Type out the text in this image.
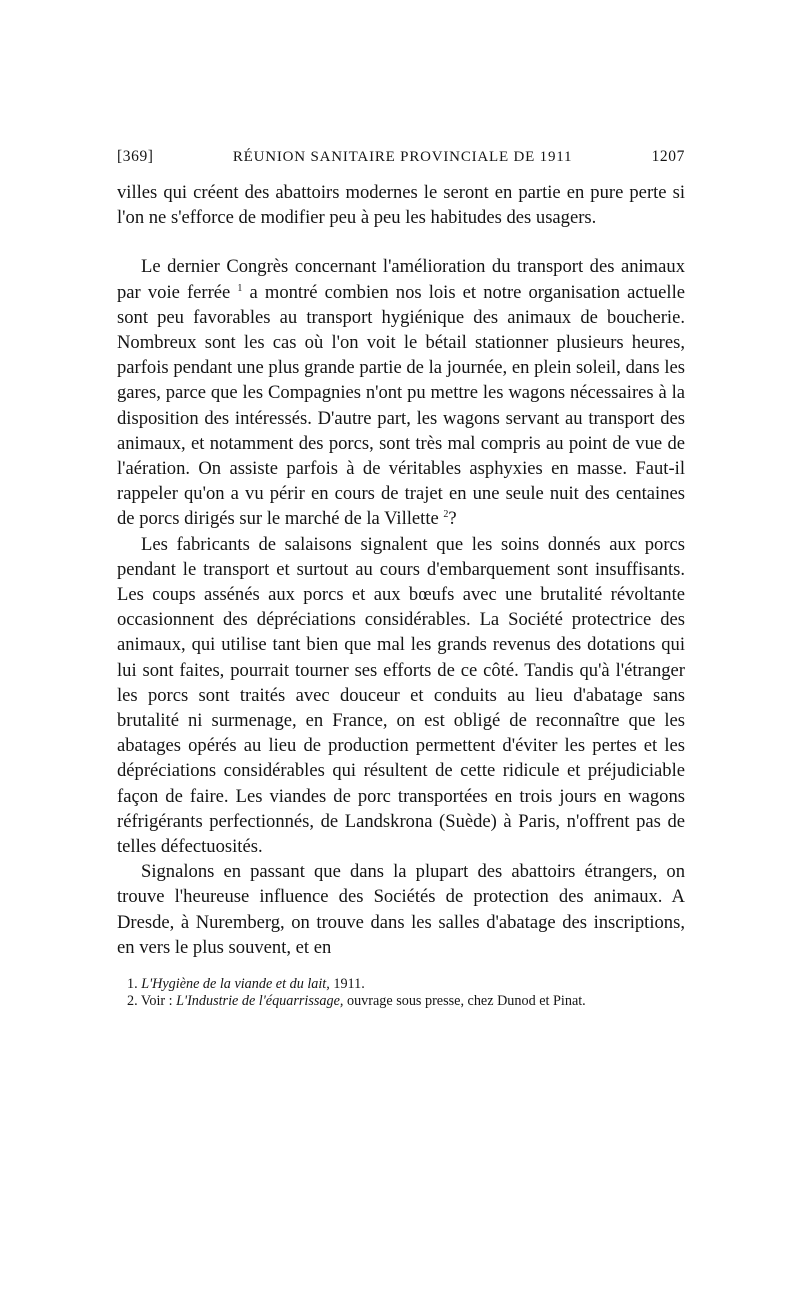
[369]	RÉUNION SANITAIRE PROVINCIALE DE 1911	1207

villes qui créent des abattoirs modernes le seront en partie en pure perte si l'on ne s'efforce de modifier peu à peu les habitudes des usagers.

Le dernier Congrès concernant l'amélioration du transport des animaux par voie ferrée $^1$ a montré combien nos lois et notre organisation actuelle sont peu favorables au transport hygiénique des animaux de boucherie. Nombreux sont les cas où l'on voit le bétail stationner plusieurs heures, parfois pendant une plus grande partie de la journée, en plein soleil, dans les gares, parce que les Compagnies n'ont pu mettre les wagons nécessaires à la disposition des intéressés. D'autre part, les wagons servant au transport des animaux, et notamment des porcs, sont très mal compris au point de vue de l'aération. On assiste parfois à de véritables asphyxies en masse. Faut-il rappeler qu'on a vu périr en cours de trajet en une seule nuit des centaines de porcs dirigés sur le marché de la Villette $^2$?

Les fabricants de salaisons signalent que les soins donnés aux porcs pendant le transport et surtout au cours d'embarquement sont insuffisants. Les coups assénés aux porcs et aux bœufs avec une brutalité révoltante occasionnent des dépréciations considérables. La Société protectrice des animaux, qui utilise tant bien que mal les grands revenus des dotations qui lui sont faites, pourrait tourner ses efforts de ce côté. Tandis qu'à l'étranger les porcs sont traités avec douceur et conduits au lieu d'abatage sans brutalité ni surmenage, en France, on est obligé de reconnaître que les abatages opérés au lieu de production permettent d'éviter les pertes et les dépréciations considérables qui résultent de cette ridicule et préjudiciable façon de faire. Les viandes de porc transportées en trois jours en wagons réfrigérants perfectionnés, de Landskrona (Suède) à Paris, n'offrent pas de telles défectuosités.

Signalons en passant que dans la plupart des abattoirs étrangers, on trouve l'heureuse influence des Sociétés de protection des animaux. A Dresde, à Nuremberg, on trouve dans les salles d'abatage des inscriptions, en vers le plus souvent, et en

1. L'Hygiène de la viande et du lait, 1911.
2. Voir : L'Industrie de l'équarrissage, ouvrage sous presse, chez Dunod et Pinat.
